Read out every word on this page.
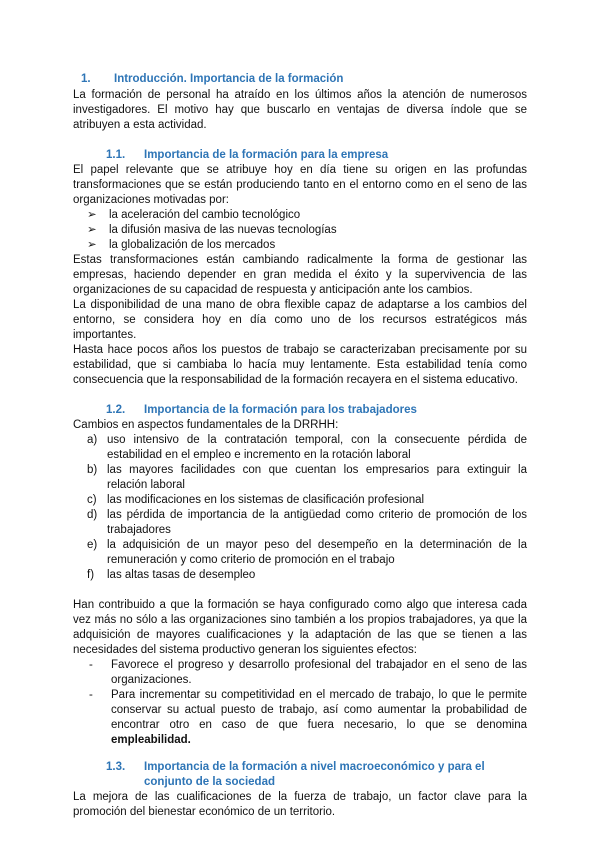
1.	Introducción. Importancia de la formación

La formación de personal ha atraído en los últimos años la atención de numerosos investigadores. El motivo hay que buscarlo en ventajas de diversa índole que se atribuyen a esta actividad.

1.1.	Importancia de la formación para la empresa

El papel relevante que se atribuye hoy en día tiene su origen en las profundas transformaciones que se están produciendo tanto en el entorno como en el seno de las organizaciones motivadas por:

➢	la aceleración del cambio tecnológico
➢	la difusión masiva de las nuevas tecnologías
➢	la globalización de los mercados

Estas transformaciones están cambiando radicalmente la forma de gestionar las empresas, haciendo depender en gran medida el éxito y la supervivencia de las organizaciones de su capacidad de respuesta y anticipación ante los cambios.

La disponibilidad de una mano de obra flexible capaz de adaptarse a los cambios del entorno, se considera hoy en día como uno de los recursos estratégicos más importantes.

Hasta hace pocos años los puestos de trabajo se caracterizaban precisamente por su estabilidad, que si cambiaba lo hacía muy lentamente. Esta estabilidad tenía como consecuencia que la responsabilidad de la formación recayera en el sistema educativo.

1.2.	Importancia de la formación para los trabajadores

Cambios en aspectos fundamentales de la DRRHH:

a) uso intensivo de la contratación temporal, con la consecuente pérdida de estabilidad en el empleo e incremento en la rotación laboral
b) las mayores facilidades con que cuentan los empresarios para extinguir la relación laboral
c) las modificaciones en los sistemas de clasificación profesional
d) las pérdida de importancia de la antigüedad como criterio de promoción de los trabajadores
e) la adquisición de un mayor peso del desempeño en la determinación de la remuneración y como criterio de promoción en el trabajo
f)	las altas tasas de desempleo

Han contribuido a que la formación se haya configurado como algo que interesa cada vez más no sólo a las organizaciones sino también a los propios trabajadores, ya que la adquisición de mayores cualificaciones y la adaptación de las que se tienen a las necesidades del sistema productivo generan los siguientes efectos:

-	Favorece el progreso y desarrollo profesional del trabajador en el seno de las organizaciones.
-	Para incrementar su competitividad en el mercado de trabajo, lo que le permite conservar su actual puesto de trabajo, así como aumentar la probabilidad de encontrar otro en caso de que fuera necesario, lo que se denomina empleabilidad.
1.3.	Importancia de la formación a nivel macroeconómico y para el conjunto de la sociedad

La mejora de las cualificaciones de la fuerza de trabajo, un factor clave para la promoción del bienestar económico de un territorio.
